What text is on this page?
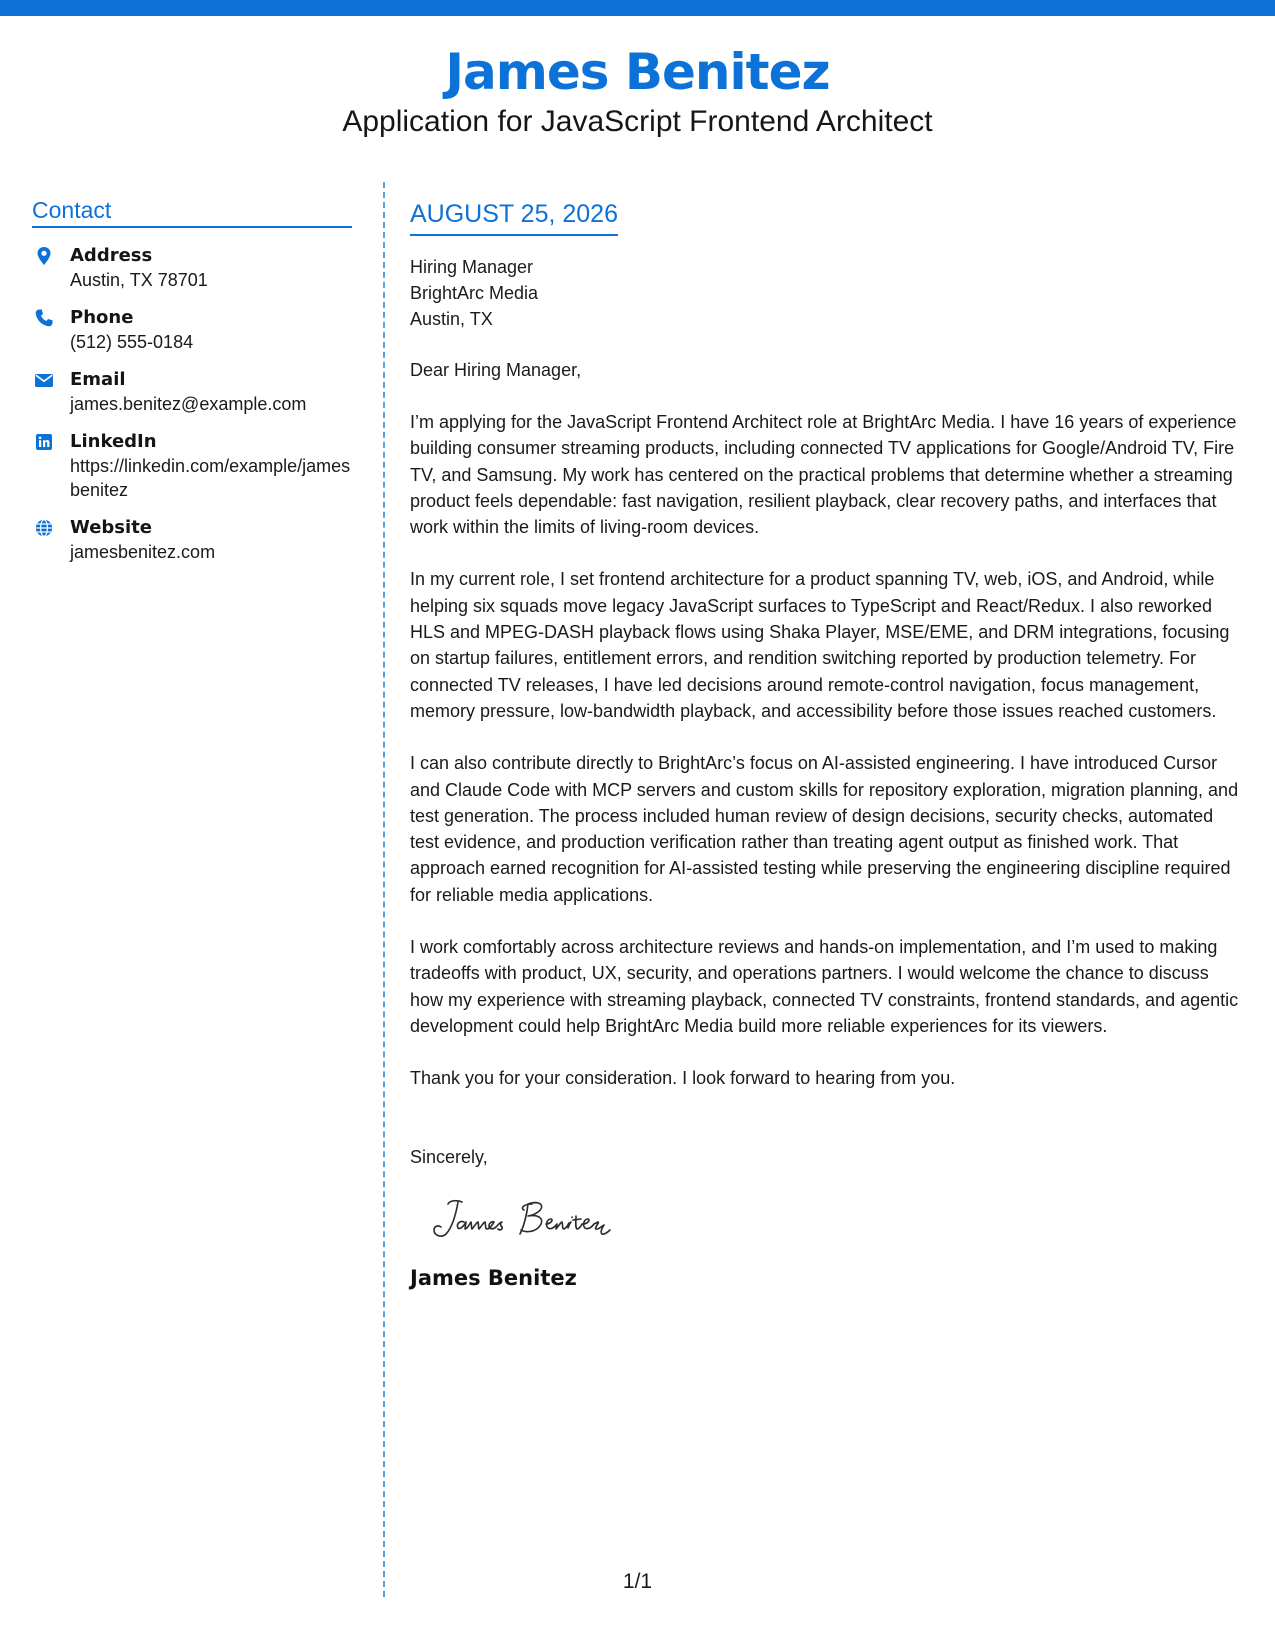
James Benitez
Application for JavaScript Frontend Architect
Contact
Address
Austin, TX 78701
Phone
(512) 555-0184
Email
james.benitez@example.com
LinkedIn
https://linkedin.com/example/jamesbenitez
Website
jamesbenitez.com
AUGUST 25, 2026
Hiring Manager
BrightArc Media
Austin, TX
Dear Hiring Manager,
I’m applying for the JavaScript Frontend Architect role at BrightArc Media. I have 16 years of experience building consumer streaming products, including connected TV applications for Google/Android TV, Fire TV, and Samsung. My work has centered on the practical problems that determine whether a streaming product feels dependable: fast navigation, resilient playback, clear recovery paths, and interfaces that work within the limits of living-room devices.
In my current role, I set frontend architecture for a product spanning TV, web, iOS, and Android, while helping six squads move legacy JavaScript surfaces to TypeScript and React/Redux. I also reworked HLS and MPEG-DASH playback flows using Shaka Player, MSE/EME, and DRM integrations, focusing on startup failures, entitlement errors, and rendition switching reported by production telemetry. For connected TV releases, I have led decisions around remote-control navigation, focus management, memory pressure, low-bandwidth playback, and accessibility before those issues reached customers.
I can also contribute directly to BrightArc’s focus on AI-assisted engineering. I have introduced Cursor and Claude Code with MCP servers and custom skills for repository exploration, migration planning, and test generation. The process included human review of design decisions, security checks, automated test evidence, and production verification rather than treating agent output as finished work. That approach earned recognition for AI-assisted testing while preserving the engineering discipline required for reliable media applications.
I work comfortably across architecture reviews and hands-on implementation, and I’m used to making tradeoffs with product, UX, security, and operations partners. I would welcome the chance to discuss how my experience with streaming playback, connected TV constraints, frontend standards, and agentic development could help BrightArc Media build more reliable experiences for its viewers.
Thank you for your consideration. I look forward to hearing from you.
Sincerely,
James Benitez
1/1
